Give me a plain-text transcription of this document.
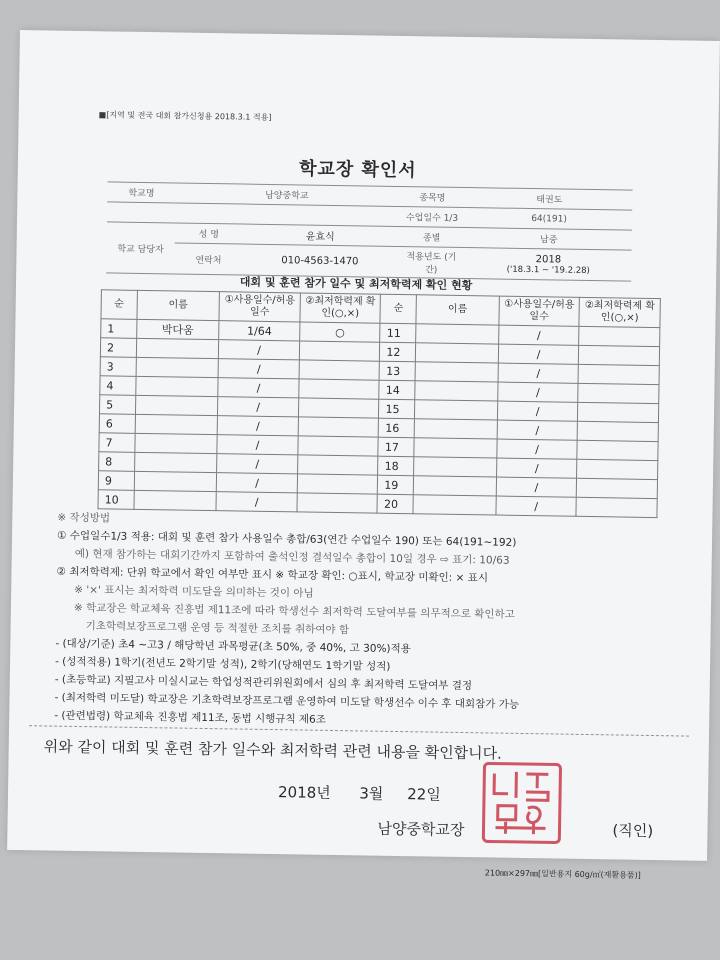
■[지역 및 전국 대회 참가신청용 2018.3.1 적용]
학교장 확인서
학교명	남양중학교		종목명	태권도
			수업일수 1/3	64(191)
학교 담당자	성 명	윤효식	종별	남중
	연락처	010-4563-1470	적용년도 (기간)	2018
('18.3.1 ~ '19.2.28)
대회 및 훈련 참가 일수 및 최저학력제 확인 현황
순	이름	①사용일수/허용일수	②최저학력제 확인(○,×)	순	이름	①사용일수/허용일수	②최저학력제 확인(○,×)
1	박다움	1/64	○	11		/	
2		/		12		/	
3		/		13		/	
4		/		14		/	
5		/		15		/	
6		/		16		/	
7		/		17		/	
8		/		18		/	
9		/		19		/	
10		/		20		/	
※ 작성방법
① 수업일수1/3 적용: 대회 및 훈련 참가 사용일수 총합/63(연간 수업일수 190) 또는 64(191~192)
예) 현재 참가하는 대회기간까지 포함하여 출석인정 결석일수 총합이 10일 경우 ⇨ 표기: 10/63
② 최저학력제: 단위 학교에서 확인 여부만 표시 ※ 학교장 확인: ○표시, 학교장 미확인: × 표시
※ '×' 표시는 최저학력 미도달을 의미하는 것이 아님
※ 학교장은 학교체육 진흥법 제11조에 따라 학생선수 최저학력 도달여부를 의무적으로 확인하고
기초학력보장프로그램 운영 등 적절한 조치를 취하여야 함
- (대상/기준) 초4 ~고3 / 해당학년 과목평균(초 50%, 중 40%, 고 30%)적용
- (성적적용) 1학기(전년도 2학기말 성적), 2학기(당해연도 1학기말 성적)
- (초등학교) 지필고사 미실시교는 학업성적관리위원회에서 심의 후 최저학력 도달여부 결정
- (최저학력 미도달) 학교장은 기초학력보장프로그램 운영하여 미도달 학생선수 이수 후 대회참가 가능
- (관련법령) 학교체육 진흥법 제11조, 동법 시행규칙 제6조
위와 같이 대회 및 훈련 참가 일수와 최저학력 관련 내용을 확인합니다.
2018년 3월 22일
남양중학교장	(직인)
210㎜×297㎜[일반용지 60g/㎡(재활용품)]
